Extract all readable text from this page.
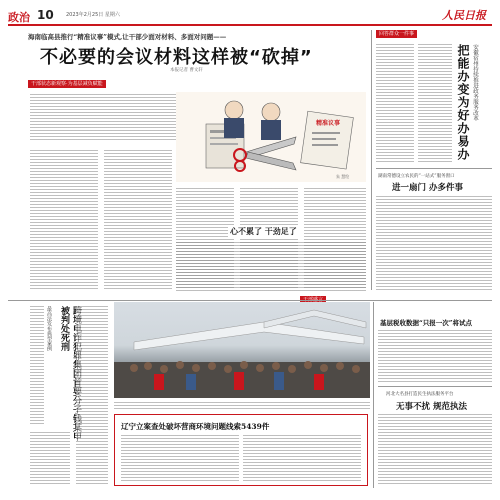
政治 10 2023年2月25日 星期六	人民日报
海南临高县推行“精准议事”模式,让干部少面对材料、多面对问题——
不必要的会议材料这样被“砍掉”
本报记者 曹文轩
干部状态新观察·为基层减负赋能
精准议事
朱 慧绘
心不累了 干劲足了
回答群众一件事
把能办变为好办易办 安徽宿州持续推进政务服务改革
湖南常德设立农民的“一站式”服务窗口
进一扇门 办多件事
最高法发布典型案例 被判处死刑
辽宁立案查处破坏营商环境问题线索5439件
基层税收数据“只报一次”将试点
河北大名县打造民生执法服务平台
无事不扰 规范执法
